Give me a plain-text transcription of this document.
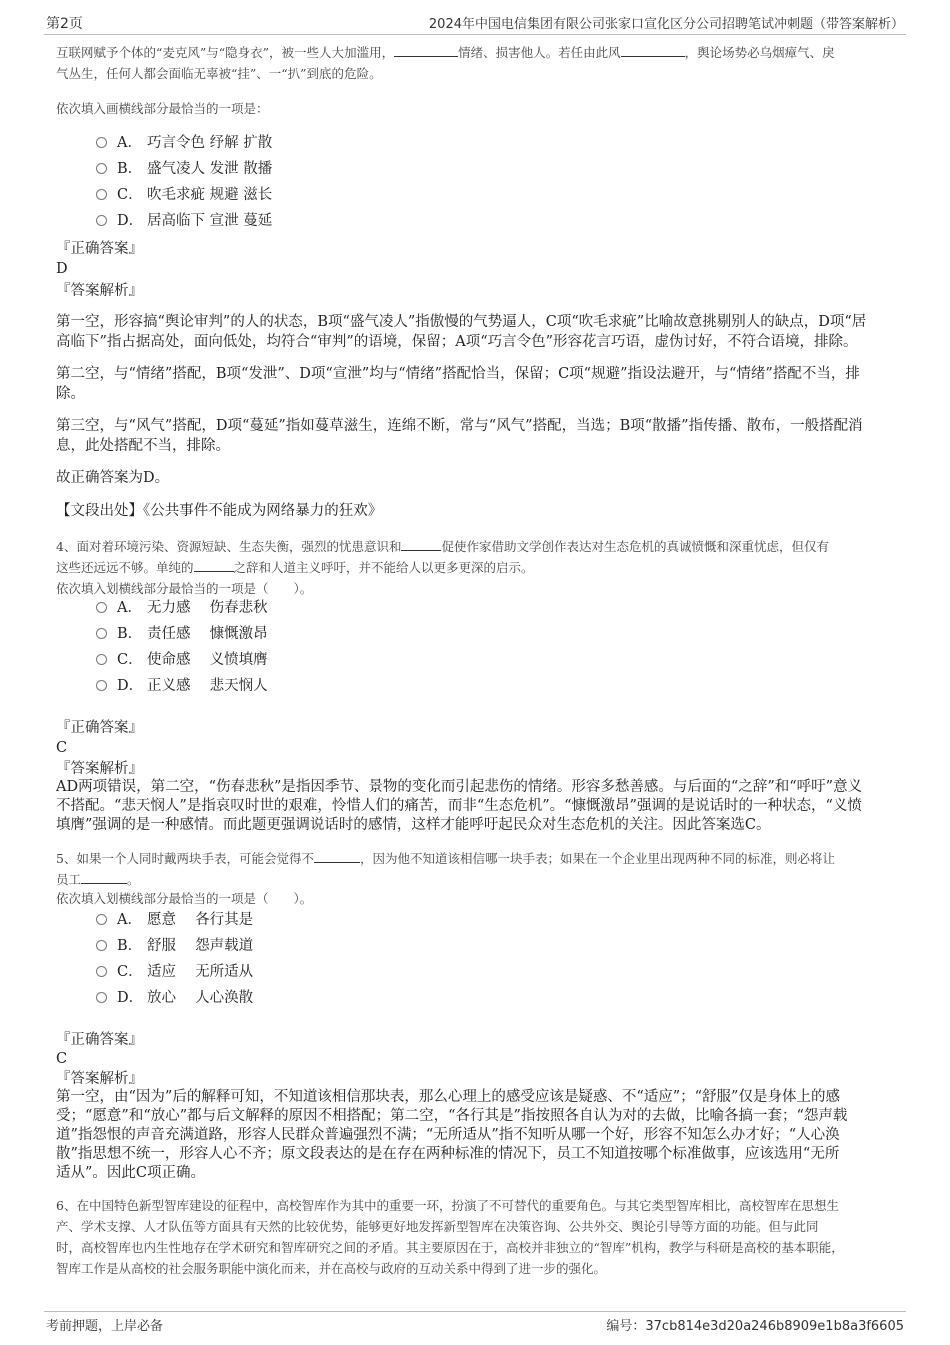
第2页	2024年中国电信集团有限公司张家口宣化区分公司招聘笔试冲刺题（带答案解析）
互联网赋予个体的“麦克风”与“隐身衣”，被一些人大加滥用，	情绪、损害他人。若任由此风	，舆论场势必乌烟瘴气、戾
气丛生，任何人都会面临无辜被“挂”、一“扒”到底的危险。
依次填入画横线部分最恰当的一项是：
A． 巧言令色 纾解 扩散
B． 盛气凌人 发泄 散播
C． 吹毛求疵 规避 滋长
D． 居高临下 宣泄 蔓延
『正确答案』
D
『答案解析』
第一空，形容搞“舆论审判”的人的状态，B项“盛气凌人”指傲慢的气势逼人，C项“吹毛求疵”比喻故意挑剔别人的缺点，D项“居
高临下”指占据高处，面向低处，均符合“审判”的语境，保留；A项“巧言令色”形容花言巧语，虚伪讨好，不符合语境，排除。
第二空，与“情绪”搭配，B项“发泄”、D项“宣泄”均与“情绪”搭配恰当，保留；C项“规避”指设法避开，与“情绪”搭配不当，排
除。
第三空，与“风气”搭配，D项“蔓延”指如蔓草滋生，连绵不断，常与“风气”搭配，当选；B项“散播”指传播、散布，一般搭配消
息，此处搭配不当，排除。
故正确答案为D。
【文段出处】《公共事件不能成为网络暴力的狂欢》
4、面对着环境污染、资源短缺、生态失衡，强烈的忧患意识和	促使作家借助文学创作表达对生态危机的真诚愤慨和深重忧虑，但仅有
这些还远远不够。单纯的	之辞和人道主义呼吁，并不能给人以更多更深的启示。
依次填入划横线部分最恰当的一项是（　　）。
A． 无力感　 伤春悲秋
B． 责任感　 慷慨激昂
C． 使命感　 义愤填膺
D． 正义感　 悲天悯人
『正确答案』
C
『答案解析』
AD两项错误，第二空，“伤春悲秋”是指因季节、景物的变化而引起悲伤的情绪。形容多愁善感。与后面的“之辞”和“呼吁”意义
不搭配。“悲天悯人”是指哀叹时世的艰难，怜惜人们的痛苦，而非“生态危机”。“慷慨激昂”强调的是说话时的一种状态，“义愤
填膺”强调的是一种感情。而此题更强调说话时的感情，这样才能呼吁起民众对生态危机的关注。因此答案选C。
5、如果一个人同时戴两块手表，可能会觉得不	，因为他不知道该相信哪一块手表；如果在一个企业里出现两种不同的标准，则必将让
员工	。
依次填入划横线部分最恰当的一项是（　　）。
A． 愿意　 各行其是
B． 舒服　 怨声载道
C． 适应　 无所适从
D． 放心　 人心涣散
『正确答案』
C
『答案解析』
第一空，由“因为”后的解释可知，不知道该相信那块表，那么心理上的感受应该是疑惑、不“适应”；“舒服”仅是身体上的感
受；“愿意”和“放心”都与后文解释的原因不相搭配；第二空，“各行其是”指按照各自认为对的去做，比喻各搞一套；“怨声载
道”指怨恨的声音充满道路，形容人民群众普遍强烈不满；“无所适从”指不知听从哪一个好，形容不知怎么办才好；“人心涣
散”指思想不统一，形容人心不齐；原文段表达的是在存在两种标准的情况下，员工不知道按哪个标准做事，应该选用“无所
适从”。因此C项正确。
6、在中国特色新型智库建设的征程中，高校智库作为其中的重要一环，扮演了不可替代的重要角色。与其它类型智库相比，高校智库在思想生
产、学术支撑、人才队伍等方面具有天然的比较优势，能够更好地发挥新型智库在决策咨询、公共外交、舆论引导等方面的功能。但与此同
时，高校智库也内生性地存在学术研究和智库研究之间的矛盾。其主要原因在于，高校并非独立的“智库”机构，教学与科研是高校的基本职能，
智库工作是从高校的社会服务职能中演化而来，并在高校与政府的互动关系中得到了进一步的强化。
考前押题，上岸必备	编号：37cb814e3d20a246b8909e1b8a3f6605
